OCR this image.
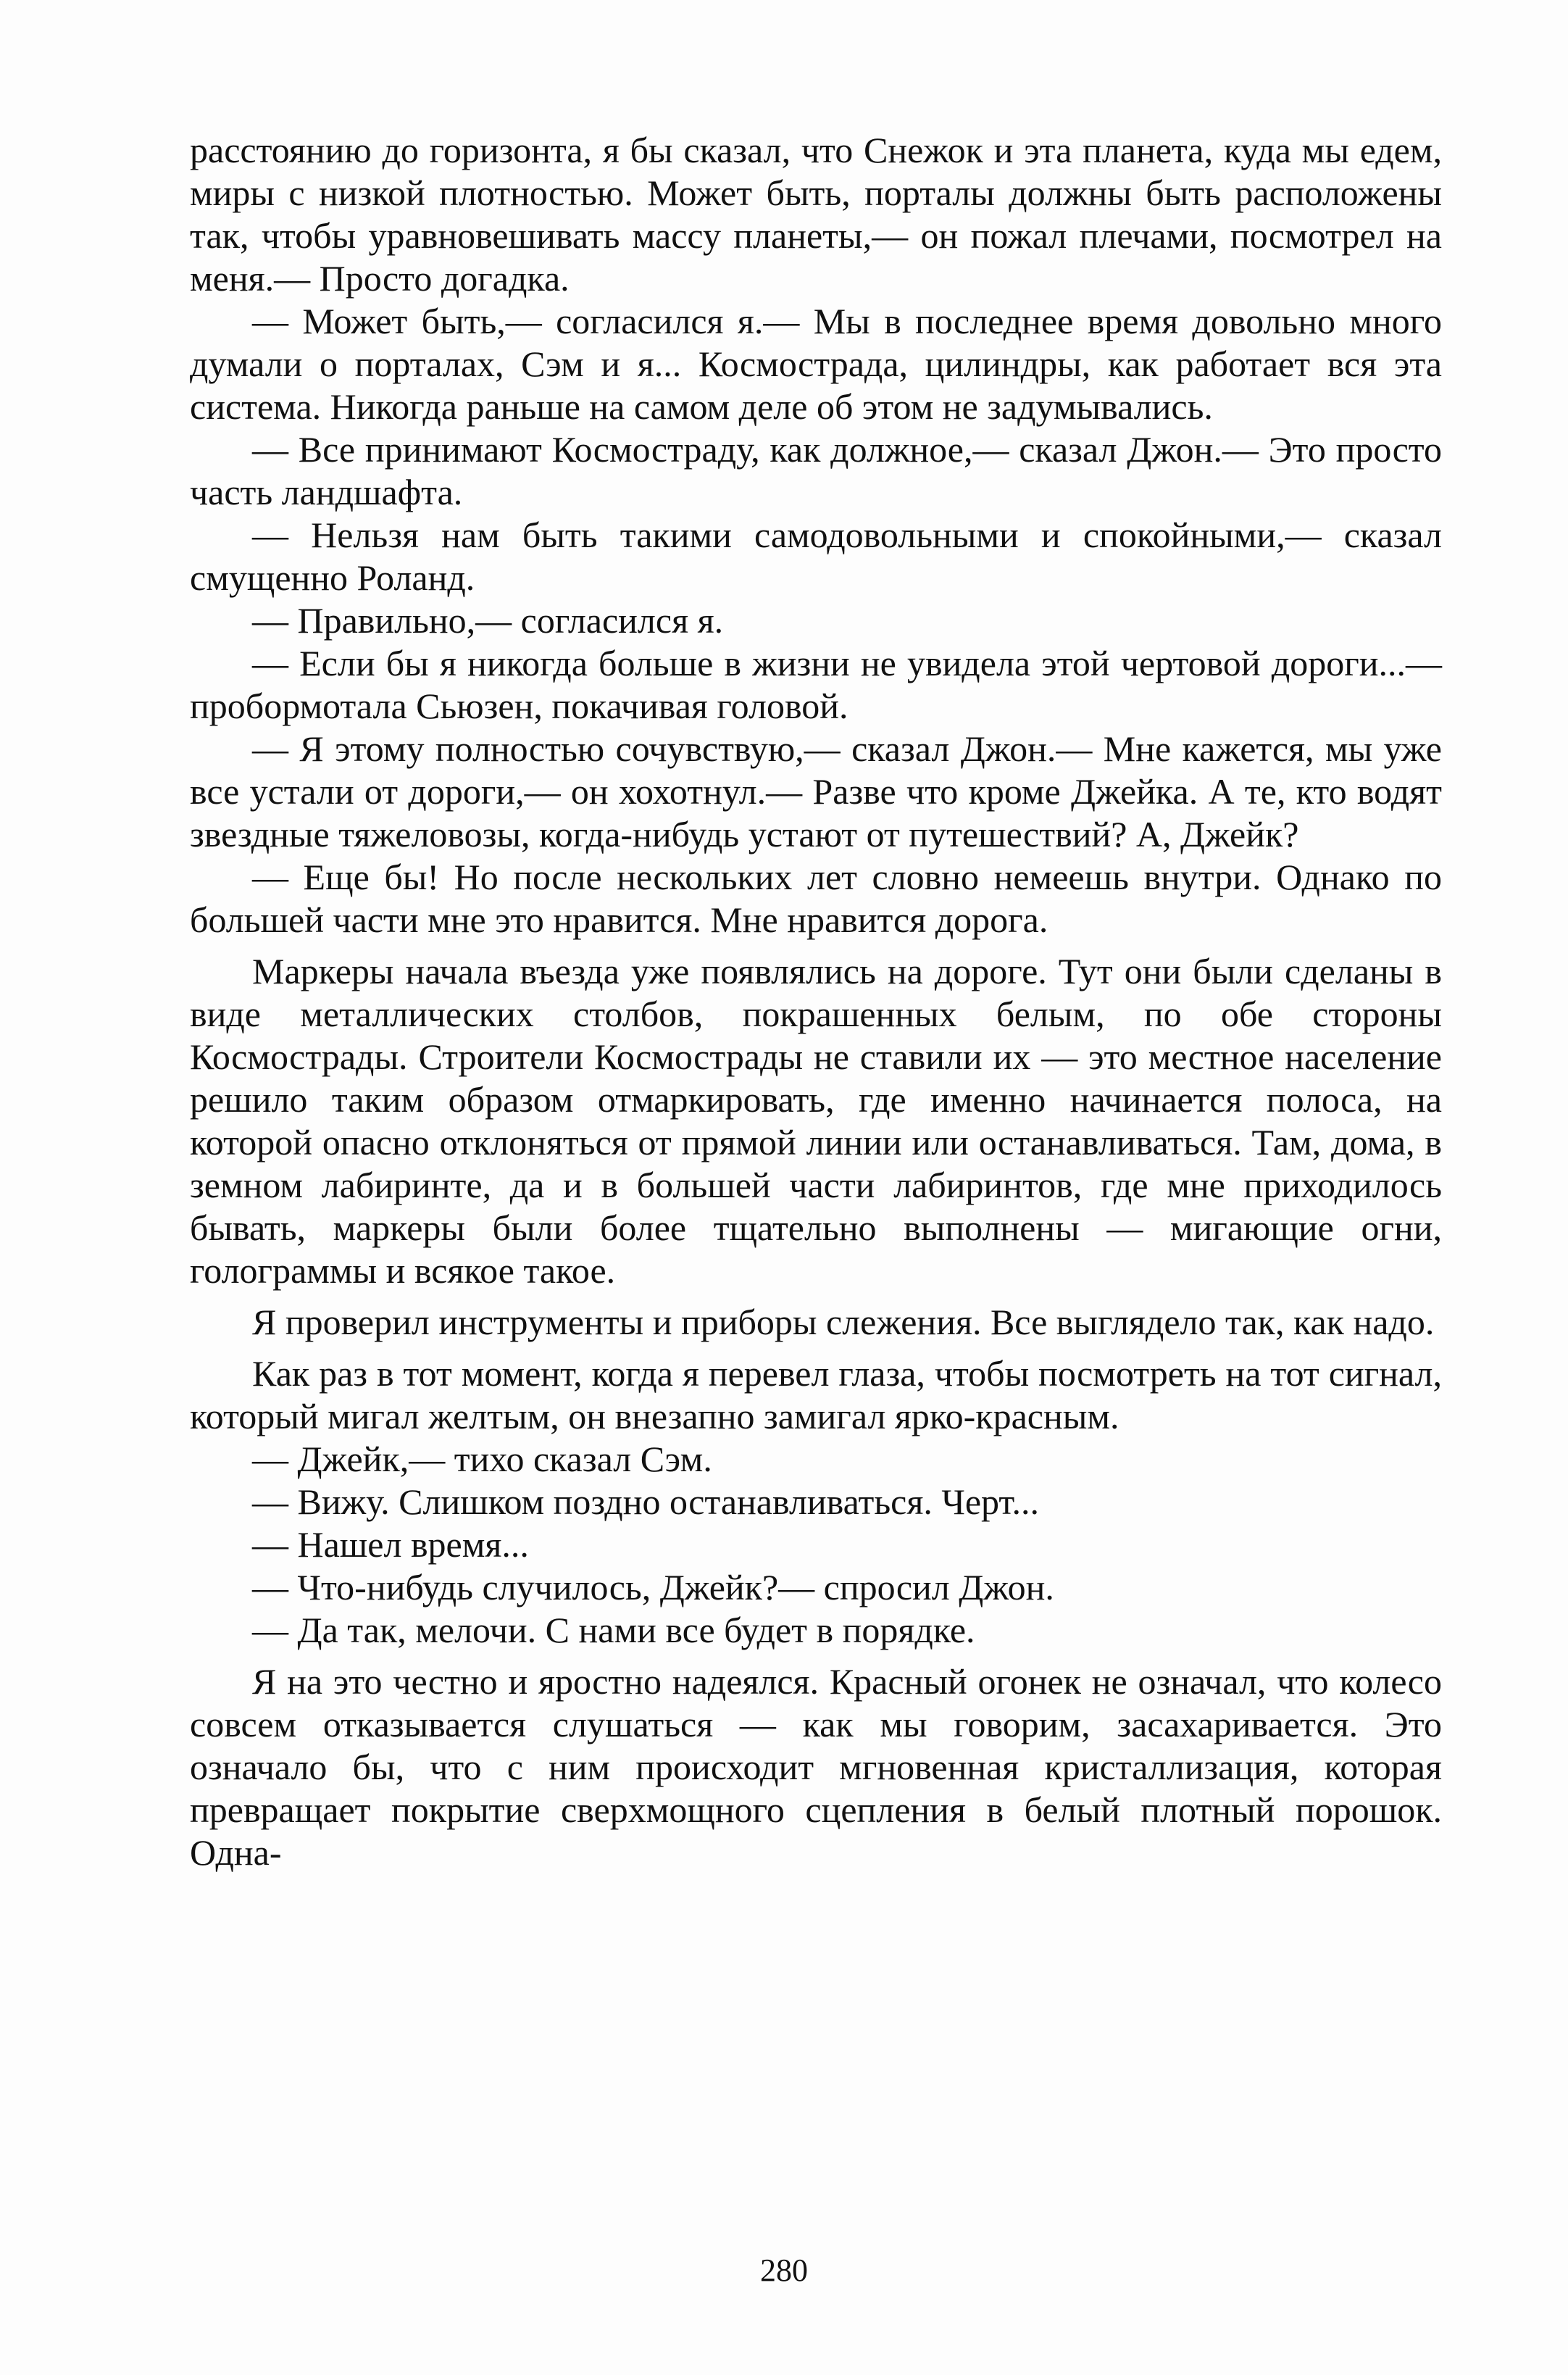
расстоянию до горизонта, я бы сказал, что Снежок и эта планета, куда мы едем, миры с низкой плотностью. Может быть, порталы должны быть расположены так, чтобы уравновешивать массу планеты,— он пожал плечами, посмотрел на меня.— Просто догадка.

— Может быть,— согласился я.— Мы в последнее время довольно много думали о порталах, Сэм и я... Космострада, цилиндры, как работает вся эта система. Никогда раньше на самом деле об этом не задумывались.

— Все принимают Космостраду, как должное,— сказал Джон.— Это просто часть ландшафта.

— Нельзя нам быть такими самодовольными и спокойными,— сказал смущенно Роланд.

— Правильно,— согласился я.

— Если бы я никогда больше в жизни не увидела этой чертовой дороги...— пробормотала Сьюзен, покачивая головой.

— Я этому полностью сочувствую,— сказал Джон.— Мне кажется, мы уже все устали от дороги,— он хохотнул.— Разве что кроме Джейка. А те, кто водят звездные тяжеловозы, когда-нибудь устают от путешествий? А, Джейк?

— Еще бы! Но после нескольких лет словно немеешь внутри. Однако по большей части мне это нравится. Мне нравится дорога.

Маркеры начала въезда уже появлялись на дороге. Тут они были сделаны в виде металлических столбов, покрашенных белым, по обе стороны Космострады. Строители Космострады не ставили их — это местное население решило таким образом отмаркировать, где именно начинается полоса, на которой опасно отклоняться от прямой линии или останавливаться. Там, дома, в земном лабиринте, да и в большей части лабиринтов, где мне приходилось бывать, маркеры были более тщательно выполнены — мигающие огни, голограммы и всякое такое.

Я проверил инструменты и приборы слежения. Все выглядело так, как надо.

Как раз в тот момент, когда я перевел глаза, чтобы посмотреть на тот сигнал, который мигал желтым, он внезапно замигал ярко-красным.

— Джейк,— тихо сказал Сэм.

— Вижу. Слишком поздно останавливаться. Черт...

— Нашел время...

— Что-нибудь случилось, Джейк?— спросил Джон.

— Да так, мелочи. С нами все будет в порядке.

Я на это честно и яростно надеялся. Красный огонек не означал, что колесо совсем отказывается слушаться — как мы говорим, засахаривается. Это означало бы, что с ним происходит мгновенная кристаллизация, которая превращает покрытие сверхмощного сцепления в белый плотный порошок. Одна-

280
